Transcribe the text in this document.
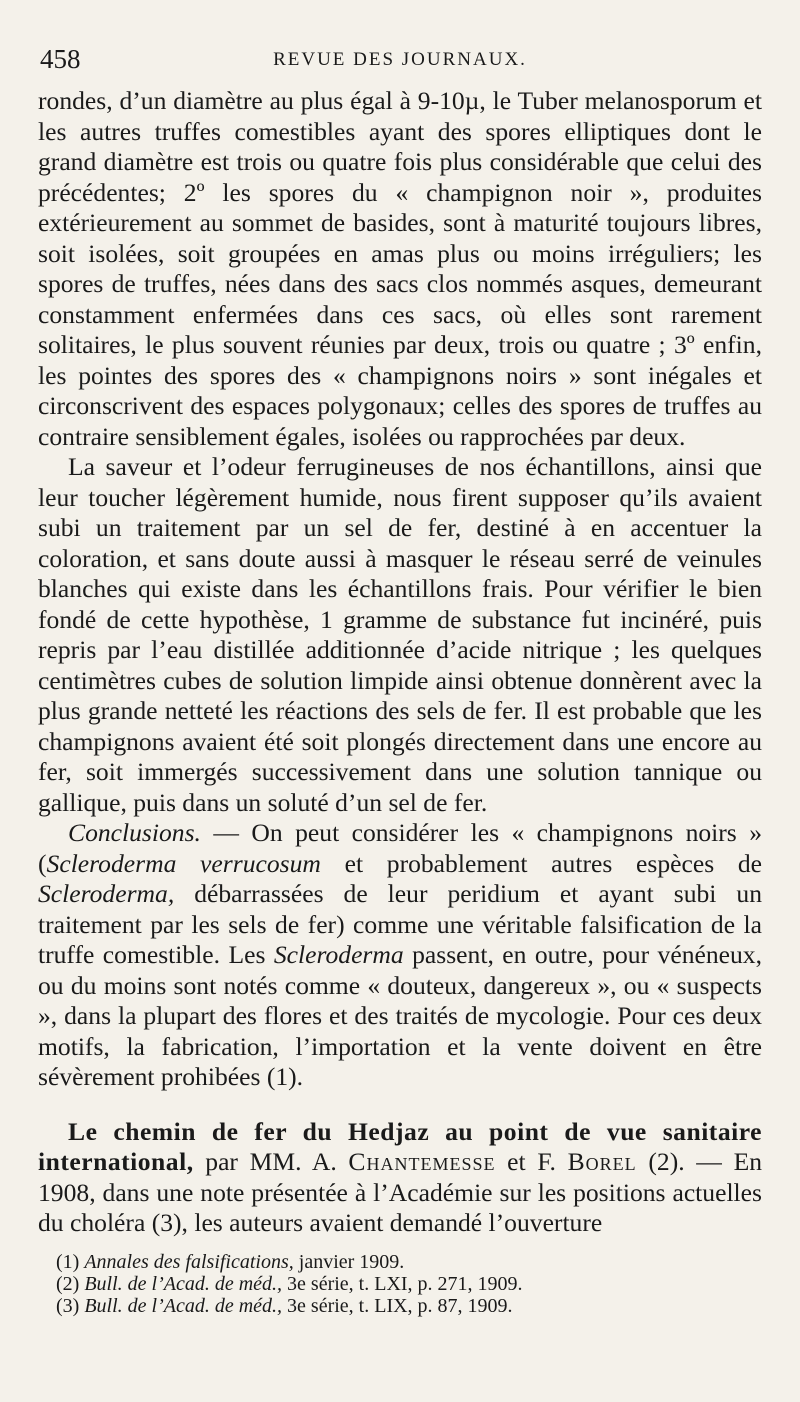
458	REVUE DES JOURNAUX.

rondes, d’un diamètre au plus égal à 9-10µ, le Tuber melanosporum et les autres truffes comestibles ayant des spores elliptiques dont le grand diamètre est trois ou quatre fois plus considérable que celui des précédentes; 2º les spores du « champignon noir », produites extérieurement au sommet de basides, sont à maturité toujours libres, soit isolées, soit groupées en amas plus ou moins irréguliers; les spores de truffes, nées dans des sacs clos nommés asques, demeurant constamment enfermées dans ces sacs, où elles sont rarement solitaires, le plus souvent réunies par deux, trois ou quatre ; 3º enfin, les pointes des spores des « champignons noirs » sont inégales et circonscrivent des espaces polygonaux; celles des spores de truffes au contraire sensiblement égales, isolées ou rapprochées par deux.

La saveur et l’odeur ferrugineuses de nos échantillons, ainsi que leur toucher légèrement humide, nous firent supposer qu’ils avaient subi un traitement par un sel de fer, destiné à en accentuer la coloration, et sans doute aussi à masquer le réseau serré de veinules blanches qui existe dans les échantillons frais. Pour vérifier le bien fondé de cette hypothèse, 1 gramme de substance fut incinéré, puis repris par l’eau distillée additionnée d’acide nitrique ; les quelques centimètres cubes de solution limpide ainsi obtenue donnèrent avec la plus grande netteté les réactions des sels de fer. Il est probable que les champignons avaient été soit plongés directement dans une encore au fer, soit immergés successivement dans une solution tannique ou gallique, puis dans un soluté d’un sel de fer.

Conclusions. — On peut considérer les « champignons noirs » (Scleroderma verrucosum et probablement autres espèces de Scleroderma, débarrassées de leur peridium et ayant subi un traitement par les sels de fer) comme une véritable falsification de la truffe comestible. Les Scleroderma passent, en outre, pour vénéneux, ou du moins sont notés comme « douteux, dangereux », ou « suspects », dans la plupart des flores et des traités de mycologie. Pour ces deux motifs, la fabrication, l’importation et la vente doivent en être sévèrement prohibées (1).

Le chemin de fer du Hedjaz au point de vue sanitaire international, par MM. A. Chantemesse et F. Borel (2). — En 1908, dans une note présentée à l’Académie sur les positions actuelles du choléra (3), les auteurs avaient demandé l’ouverture

(1) Annales des falsifications, janvier 1909.

(2) Bull. de l’Acad. de méd., 3e série, t. LXI, p. 271, 1909.

(3) Bull. de l’Acad. de méd., 3e série, t. LIX, p. 87, 1909.
